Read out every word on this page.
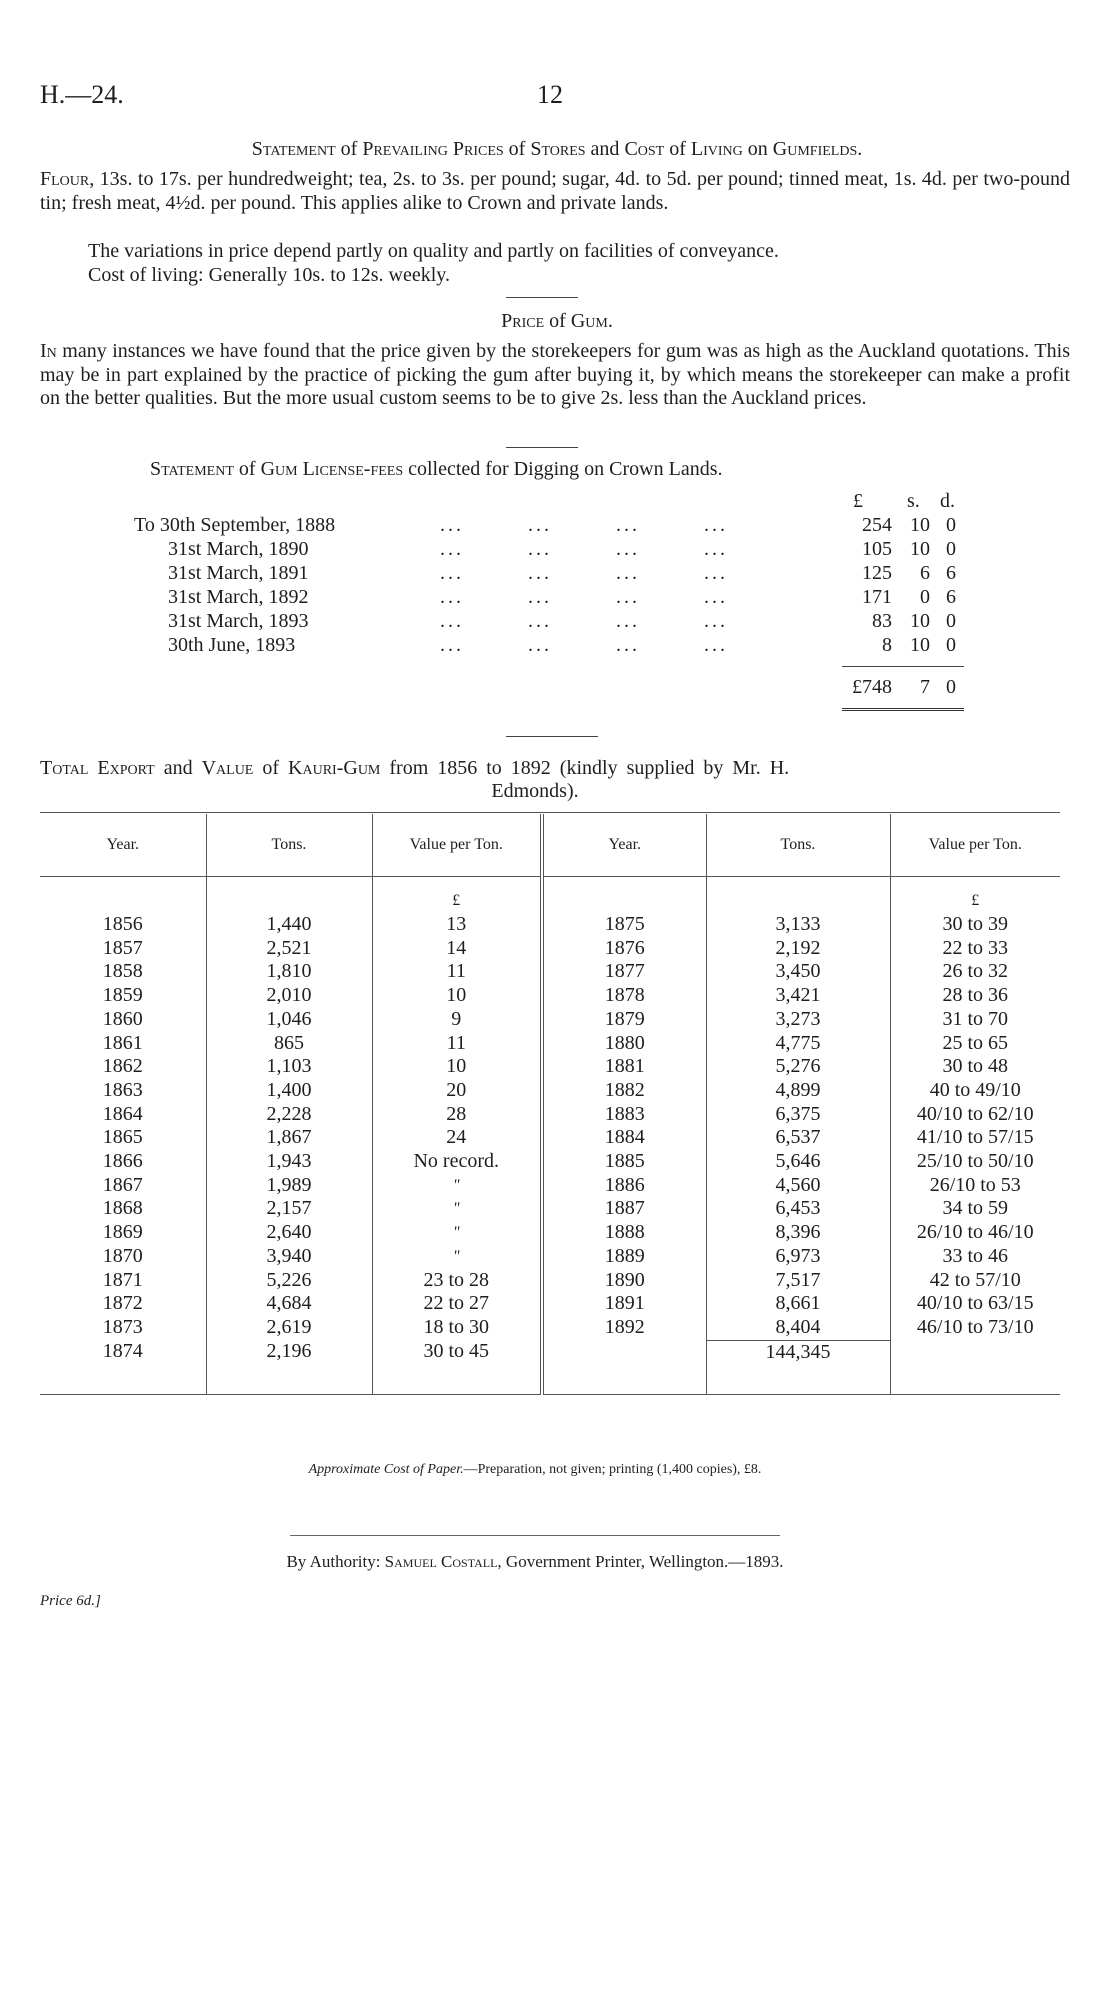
H.—24.	12
Statement of Prevailing Prices of Stores and Cost of Living on Gumfields.
Flour, 13s. to 17s. per hundredweight; tea, 2s. to 3s. per pound; sugar, 4d. to 5d. per pound; tinned meat, 1s. 4d. per two-pound tin; fresh meat, 4½d. per pound. This applies alike to Crown and private lands.
The variations in price depend partly on quality and partly on facilities of conveyance.
Cost of living: Generally 10s. to 12s. weekly.
Price of Gum.
In many instances we have found that the price given by the storekeepers for gum was as high as the Auckland quotations. This may be in part explained by the practice of picking the gum after buying it, by which means the storekeeper can make a profit on the better qualities. But the more usual custom seems to be to give 2s. less than the Auckland prices.
Statement of Gum License-fees collected for Digging on Crown Lands.
£ s. d.
To 30th September, 1888	...        ...        ...        ...	254 10 0
31st March, 1890	...        ...        ...        ...	105 10 0
31st March, 1891	...        ...        ...        ...	125	6 6
31st March, 1892	...        ...        ...        ...	171	0 6
31st March, 1893	...        ...        ...        ...	83 10 0
30th June, 1893	...        ...        ...        ...	8 10 0
£748	7 0
Total Export and Value of Kauri-Gum from 1856 to 1892 (kindly supplied by Mr. H.
Edmonds).
Year.	Tons.	Value per Ton.	Year.	Tons.	Value per Ton.
		£			£
1856	1,440	13	1875	3,133	30 to 39
1857	2,521	14	1876	2,192	22 to 33
1858	1,810	11	1877	3,450	26 to 32
1859	2,010	10	1878	3,421	28 to 36
1860	1,046	9	1879	3,273	31 to 70
1861	865	11	1880	4,775	25 to 65
1862	1,103	10	1881	5,276	30 to 48
1863	1,400	20	1882	4,899	40 to 49/10
1864	2,228	28	1883	6,375	40/10 to 62/10
1865	1,867	24	1884	6,537	41/10 to 57/15
1866	1,943	No record.	1885	5,646	25/10 to 50/10
1867	1,989	"	1886	4,560	26/10 to 53
1868	2,157	"	1887	6,453	34 to 59
1869	2,640	"	1888	8,396	26/10 to 46/10
1870	3,940	"	1889	6,973	33 to 46
1871	5,226	23 to 28	1890	7,517	42 to 57/10
1872	4,684	22 to 27	1891	8,661	40/10 to 63/15
1873	2,619	18 to 30	1892	8,404	46/10 to 73/10
1874	2,196	30 to 45		144,345	

Approximate Cost of Paper.—Preparation, not given; printing (1,400 copies), £8.
By Authority: Samuel Costall, Government Printer, Wellington.—1893.
Price 6d.]
